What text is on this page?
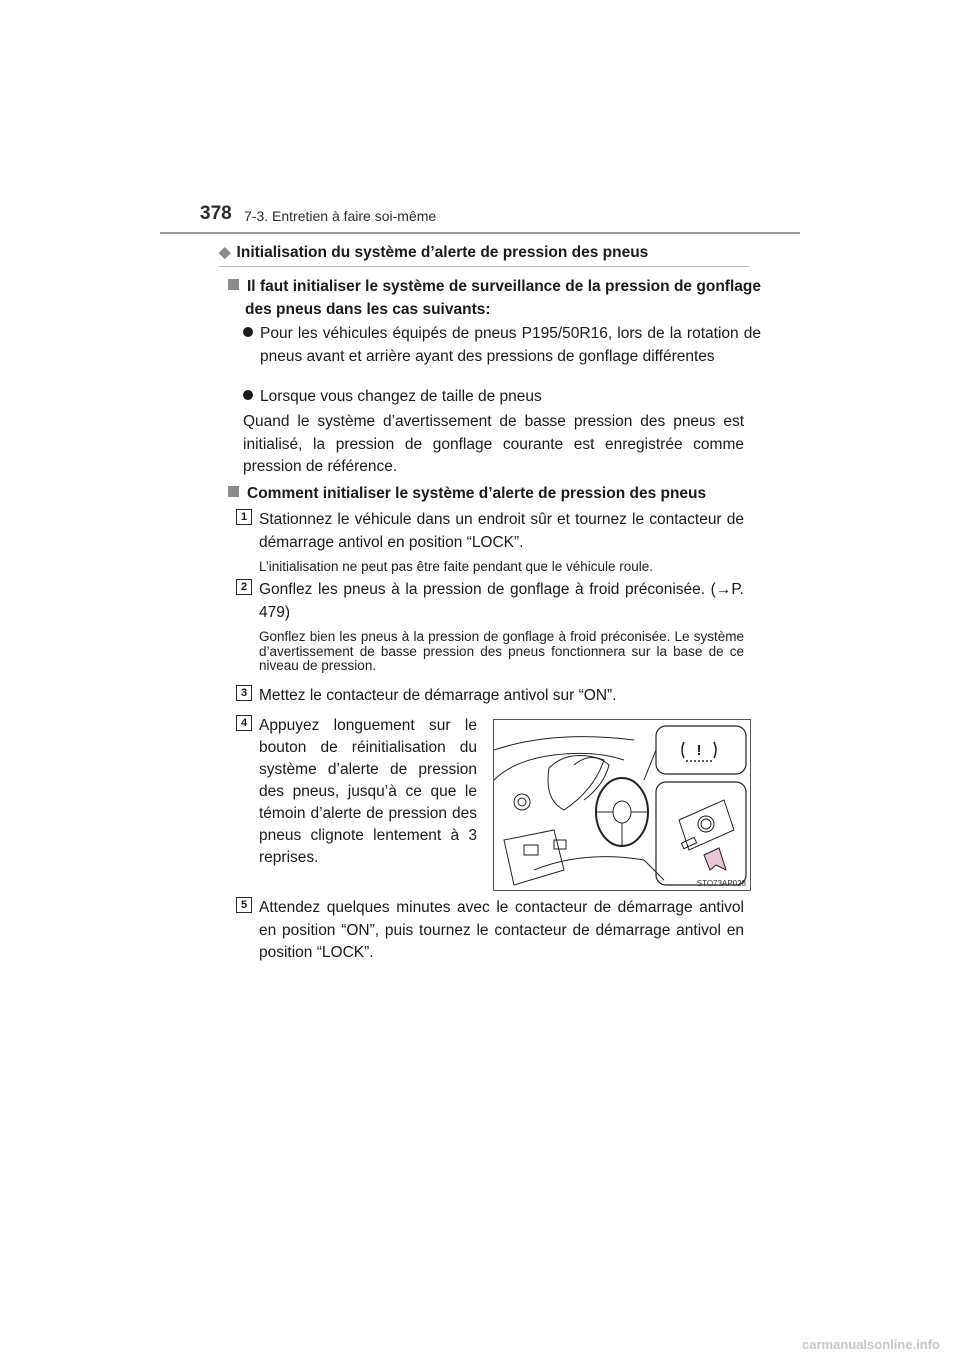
378 7-3. Entretien à faire soi-même
◆ Initialisation du système d’alerte de pression des pneus
Il faut initialiser le système de surveillance de la pression de gonflage des pneus dans les cas suivants:
Pour les véhicules équipés de pneus P195/50R16, lors de la rotation de pneus avant et arrière ayant des pressions de gonflage différentes
Lorsque vous changez de taille de pneus
Quand le système d’avertissement de basse pression des pneus est initialisé, la pression de gonflage courante est enregistrée comme pression de référence.
Comment initialiser le système d’alerte de pression des pneus
1 Stationnez le véhicule dans un endroit sûr et tournez le contacteur de démarrage antivol en position “LOCK”.
L’initialisation ne peut pas être faite pendant que le véhicule roule.
2 Gonflez les pneus à la pression de gonflage à froid préconisée. (→P. 479)
Gonflez bien les pneus à la pression de gonflage à froid préconisée. Le système d’avertissement de basse pression des pneus fonctionnera sur la base de ce niveau de pression.
3 Mettez le contacteur de démarrage antivol sur “ON”.
4 Appuyez longuement sur le bouton de réinitialisation du système d’alerte de pression des pneus, jusqu’à ce que le témoin d’alerte de pression des pneus clignote lentement à 3 reprises.
!
STO73AP028
5 Attendez quelques minutes avec le contacteur de démarrage antivol en position “ON”, puis tournez le contacteur de démarrage antivol en position “LOCK”.
carmanualsonline.info
